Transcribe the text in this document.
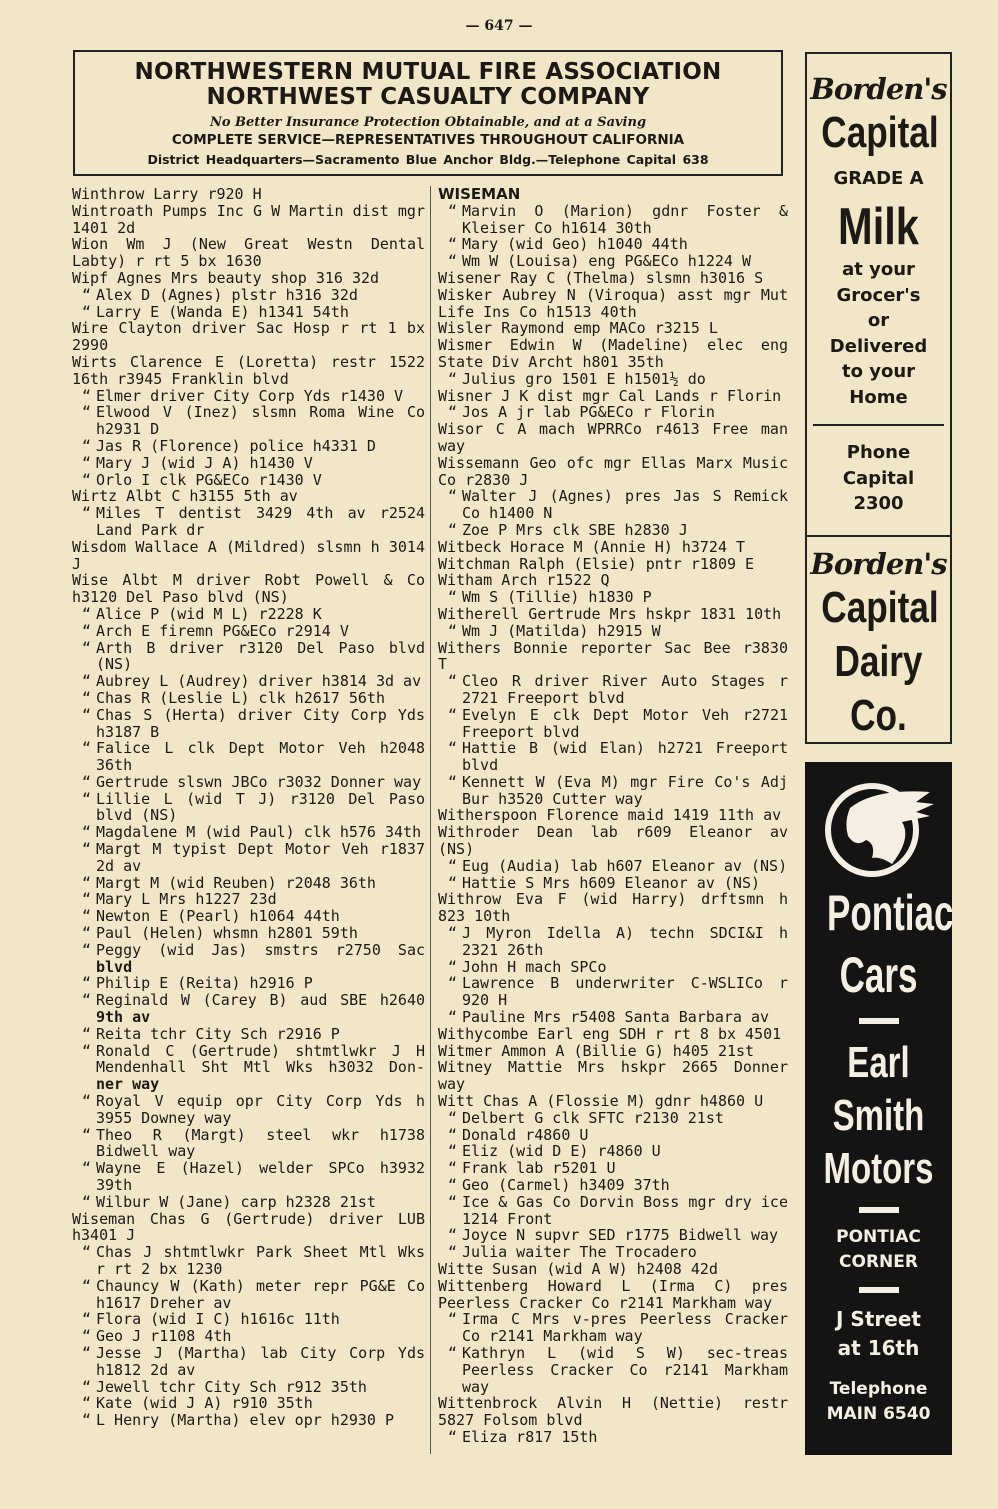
— 647 —
NORTHWESTERN MUTUAL FIRE ASSOCIATION
NORTHWEST CASUALTY COMPANY
No Better Insurance Protection Obtainable, and at a Saving
COMPLETE SERVICE—REPRESENTATIVES THROUGHOUT CALIFORNIA
District Headquarters—Sacramento Blue Anchor Bldg.—Telephone Capital 638
Winthrow Larry r920 H
Wintroath Pumps Inc G W Martin dist mgr 1401 2d
Wion Wm J (New Great Westn Dental Labty) r rt 5 bx 1630
Wipf Agnes Mrs beauty shop 316 32d
“ Alex D (Agnes) plstr h316 32d
“ Larry E (Wanda E) h1341 54th
Wire Clayton driver Sac Hosp r rt 1 bx 2990
Wirts Clarence E (Loretta) restr 1522 16th r3945 Franklin blvd
“ Elmer driver City Corp Yds r1430 V
“ Elwood V (Inez) slsmn Roma Wine Co h2931 D
“ Jas R (Florence) police h4331 D
“ Mary J (wid J A) h1430 V
“ Orlo I clk PG&ECo r1430 V
Wirtz Albt C h3155 5th av
“ Miles T dentist 3429 4th av r2524 Land Park dr
Wisdom Wallace A (Mildred) slsmn h 3014 J
Wise Albt M driver Robt Powell & Co h3120 Del Paso blvd (NS)
“ Alice P (wid M L) r2228 K
“ Arch E firemn PG&ECo r2914 V
“ Arth B driver r3120 Del Paso blvd (NS)
“ Aubrey L (Audrey) driver h3814 3d av
“ Chas R (Leslie L) clk h2617 56th
“ Chas S (Herta) driver City Corp Yds h3187 B
“ Falice L clk Dept Motor Veh h2048 36th
“ Gertrude slswn JBCo r3032 Donner way
“ Lillie L (wid T J) r3120 Del Paso blvd (NS)
“ Magdalene M (wid Paul) clk h576 34th
“ Margt M typist Dept Motor Veh r1837 2d av
“ Margt M (wid Reuben) r2048 36th
“ Mary L Mrs h1227 23d
“ Newton E (Pearl) h1064 44th
“ Paul (Helen) whsmn h2801 59th
“ Peggy (wid Jas) smstrs r2750 Sac blvd
“ Philip E (Reita) h2916 P
“ Reginald W (Carey B) aud SBE h2640 9th av
“ Reita tchr City Sch r2916 P
“ Ronald C (Gertrude) shtmtlwkr J H Mendenhall Sht Mtl Wks h3032 Don- ner way
“ Royal V equip opr City Corp Yds h 3955 Downey way
“ Theo R (Margt) steel wkr h1738 Bidwell way
“ Wayne E (Hazel) welder SPCo h3932 39th
“ Wilbur W (Jane) carp h2328 21st
Wiseman Chas G (Gertrude) driver LUB h3401 J
“ Chas J shtmtlwkr Park Sheet Mtl Wks r rt 2 bx 1230
“ Chauncy W (Kath) meter repr PG&E Co h1617 Dreher av
“ Flora (wid I C) h1616c 11th
“ Geo J r1108 4th
“ Jesse J (Martha) lab City Corp Yds h1812 2d av
“ Jewell tchr City Sch r912 35th
“ Kate (wid J A) r910 35th
“ L Henry (Martha) elev opr h2930 P
WISEMAN
“ Marvin O (Marion) gdnr Foster & Kleiser Co h1614 30th
“ Mary (wid Geo) h1040 44th
“ Wm W (Louisa) eng PG&ECo h1224 W
Wisener Ray C (Thelma) slsmn h3016 S
Wisker Aubrey N (Viroqua) asst mgr Mut Life Ins Co h1513 40th
Wisler Raymond emp MACo r3215 L
Wismer Edwin W (Madeline) elec eng State Div Archt h801 35th
“ Julius gro 1501 E h1501½ do
Wisner J K dist mgr Cal Lands r Florin
“ Jos A jr lab PG&ECo r Florin
Wisor C A mach WPRRCo r4613 Free man way
Wissemann Geo ofc mgr Ellas Marx Music Co r2830 J
“ Walter J (Agnes) pres Jas S Remick Co h1400 N
“ Zoe P Mrs clk SBE h2830 J
Witbeck Horace M (Annie H) h3724 T
Witchman Ralph (Elsie) pntr r1809 E
Witham Arch r1522 Q
“ Wm S (Tillie) h1830 P
Witherell Gertrude Mrs hskpr 1831 10th
“ Wm J (Matilda) h2915 W
Withers Bonnie reporter Sac Bee r3830 T
“ Cleo R driver River Auto Stages r 2721 Freeport blvd
“ Evelyn E clk Dept Motor Veh r2721 Freeport blvd
“ Hattie B (wid Elan) h2721 Freeport blvd
“ Kennett W (Eva M) mgr Fire Co's Adj Bur h3520 Cutter way
Witherspoon Florence maid 1419 11th av
Withroder Dean lab r609 Eleanor av (NS)
“ Eug (Audia) lab h607 Eleanor av (NS)
“ Hattie S Mrs h609 Eleanor av (NS)
Withrow Eva F (wid Harry) drftsmn h 823 10th
“ J Myron Idella A) techn SDCI&I h 2321 26th
“ John H mach SPCo
“ Lawrence B underwriter C-WSLICo r 920 H
“ Pauline Mrs r5408 Santa Barbara av
Withycombe Earl eng SDH r rt 8 bx 4501
Witmer Ammon A (Billie G) h405 21st
Witney Mattie Mrs hskpr 2665 Donner way
Witt Chas A (Flossie M) gdnr h4860 U
“ Delbert G clk SFTC r2130 21st
“ Donald r4860 U
“ Eliz (wid D E) r4860 U
“ Frank lab r5201 U
“ Geo (Carmel) h3409 37th
“ Ice & Gas Co Dorvin Boss mgr dry ice 1214 Front
“ Joyce N supvr SED r1775 Bidwell way
“ Julia waiter The Trocadero
Witte Susan (wid A W) h2408 42d
Wittenberg Howard L (Irma C) pres Peerless Cracker Co r2141 Markham way
“ Irma C Mrs v-pres Peerless Cracker Co r2141 Markham way
“ Kathryn L (wid S W) sec-treas Peerless Cracker Co r2141 Markham way
Wittenbrock Alvin H (Nettie) restr 5827 Folsom blvd
“ Eliza r817 15th
Borden's
Capital
GRADE A
Milk
at your
Grocer's
or
Delivered
to your
Home
Phone
Capital
2300
Borden's
Capital
Dairy
Co.
Pontiac
Cars
Earl
Smith
Motors
PONTIAC
CORNER
J Street
at 16th
Telephone
MAIN 6540
